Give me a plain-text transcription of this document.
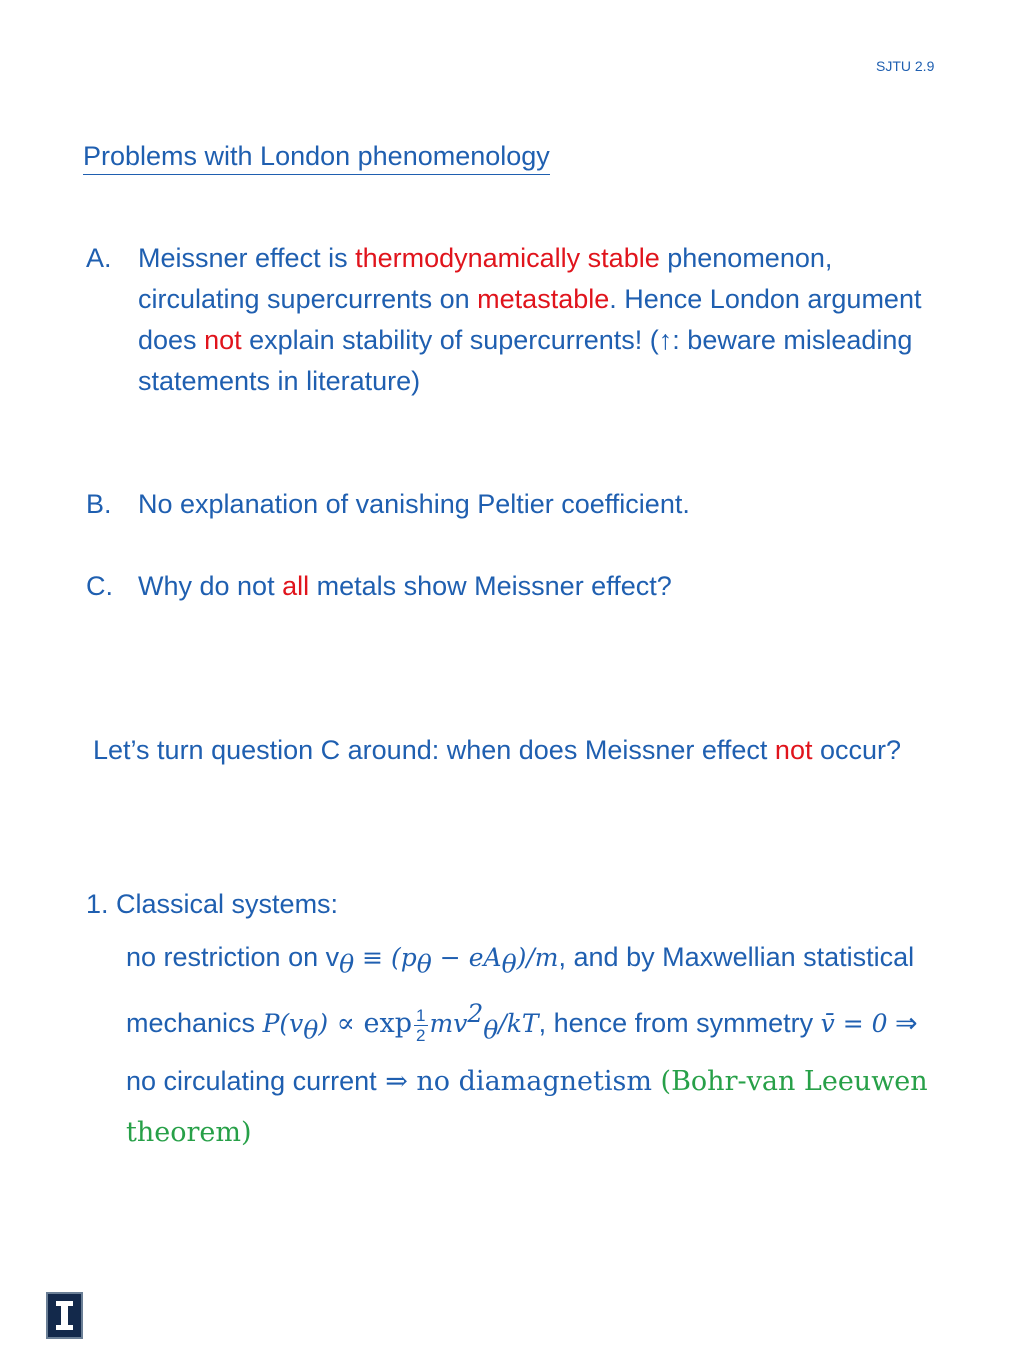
SJTU 2.9
Problems with London phenomenology
A. Meissner effect is thermodynamically stable phenomenon, circulating supercurrents on metastable. Hence London argument does not explain stability of supercurrents! (↑: beware misleading statements in literature)
B. No explanation of vanishing Peltier coefficient.
C. Why do not all metals show Meissner effect?
Let’s turn question C around: when does Meissner effect not occur?
1. Classical systems:
no restriction on $v_\theta \equiv (p_\theta - eA_\theta)/m$, and by Maxwellian statistical mechanics $P(v_\theta) \propto \exp \frac{1}{2} mv^2_\theta/kT$, hence from symmetry v̄ = 0 ⇒ no circulating current ⇒ no diamagnetism (Bohr-van Leeuwen theorem)
